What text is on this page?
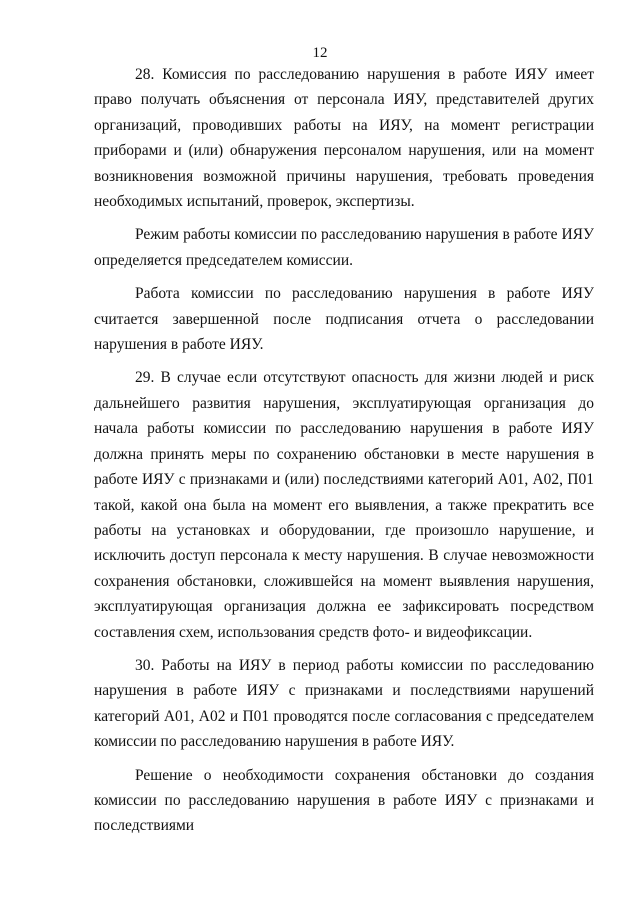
12

28. Комиссия по расследованию нарушения в работе ИЯУ имеет право получать объяснения от персонала ИЯУ, представителей других организаций, проводивших работы на ИЯУ, на момент регистрации приборами и (или) обнаружения персоналом нарушения, или на момент возникновения возможной причины нарушения, требовать проведения необходимых испытаний, проверок, экспертизы.

Режим работы комиссии по расследованию нарушения в работе ИЯУ определяется председателем комиссии.

Работа комиссии по расследованию нарушения в работе ИЯУ считается завершенной после подписания отчета о расследовании нарушения в работе ИЯУ.

29. В случае если отсутствуют опасность для жизни людей и риск дальнейшего развития нарушения, эксплуатирующая организация до начала работы комиссии по расследованию нарушения в работе ИЯУ должна принять меры по сохранению обстановки в месте нарушения в работе ИЯУ с признаками и (или) последствиями категорий А01, А02, П01 такой, какой она была на момент его выявления, а также прекратить все работы на установках и оборудовании, где произошло нарушение, и исключить доступ персонала к месту нарушения. В случае невозможности сохранения обстановки, сложившейся на момент выявления нарушения, эксплуатирующая организация должна ее зафиксировать посредством составления схем, использования средств фото- и видеофиксации.

30. Работы на ИЯУ в период работы комиссии по расследованию нарушения в работе ИЯУ с признаками и последствиями нарушений категорий А01, А02 и П01 проводятся после согласования с председателем комиссии по расследованию нарушения в работе ИЯУ.

Решение о необходимости сохранения обстановки до создания комиссии по расследованию нарушения в работе ИЯУ с признаками и последствиями
